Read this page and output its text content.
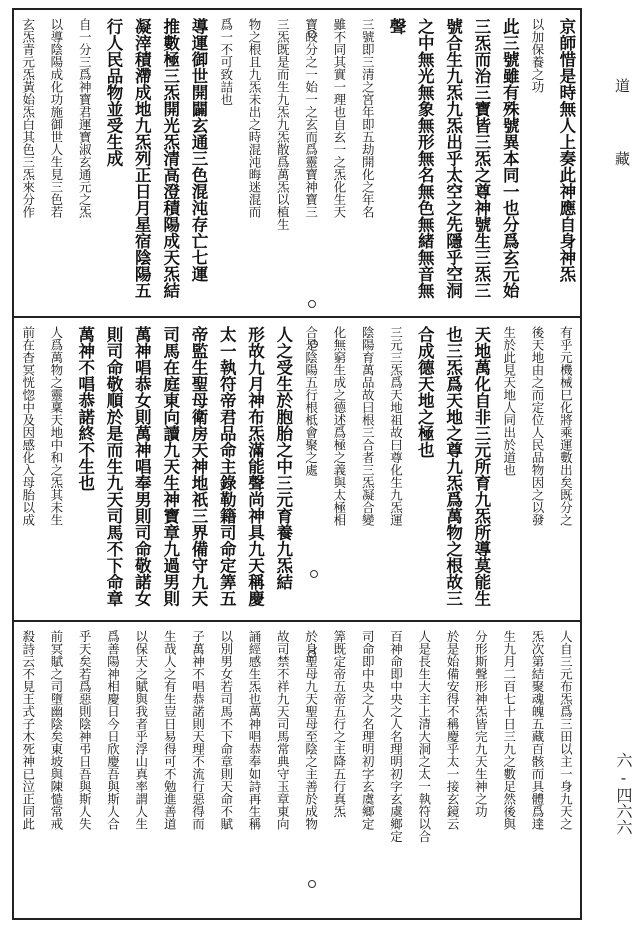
京師惜是時無人上奏此神應自身神炁
以加保養之功
此三號雖有殊號異本同一也分爲玄元始
三炁而治三寶皆三炁之尊神號生三炁三
號合生九炁九炁出乎太空之先隱乎空洞
之中無光無象無形無名無色無緒無音無
聲
三號即三清之宮年即五劫開化之年名
雖不同其實一理也自玄一之炁化生天
寶皎分之一始一之玄而爲靈寶神寶三
三炁既是而生九炁九炁散爲萬炁以植生
物之根且九炁未出之時混沌晦迷混而
爲一不可致詰也
導運御世開闢玄通三色混沌存亡七運
推數極三炁開光炁清高澄積陽成天炁結
凝滓積滯成地九炁列正日月星宿陰陽五
行人民品物並受生成
自一分三爲神寶君運寶淑玄通元之炁
以導陰陽成化功施御世人生見三色若
玄炁青元炁黃始炁白其色三炁來分作
有乎元機械巳化將乘運數出矣既分之
後天地由之而定位人民品物因之以發
生於此見天地人同出於道也
天地萬化自非三元所育九炁所導莫能生
也三炁爲天地之尊九炁爲萬物之根故三
合成德天地之極也
三元三炁爲天地祖故曰尊化生九炁運
陰陽育萬品故曰根三合者三炁凝合變
化無窮生成之德述爲極之義與太極相
合是陰陽五行根柢會聚之處
人之受生於胞胎之中三元育養九炁結
形故九月神布炁滿能聲尚神具九天稱慶
太一執符帝君品命主錄勒籍司命定筭五
帝監生聖母衛房天神地祇三界備守九天
司馬在庭東向讀九天生神寶章九過男則
萬神唱恭女則萬神唱奉男則司命敬諾女
則司命敬順於是而生九天司馬不下命章
萬神不唱恭諾終不生也
人爲萬物之靈稟天地中和之炁其未生
前在杳冥恍惚中及因感化入母胎以成
人自三元布炁爲三田以主一身九天之
炁次第結聚魂魄五藏百骸而具體爲達
生九月二百七十日三九之數足然後與
分形斯聲形神炁皆完九天生神之功
於是始備安得不稱慶乎太一接玄鏡云
人是長生大主上清大洞之太一執符以合
百神命即中央之人名理明初字玄虞鄉定
司命即中央之人名理明初字玄虞鄉定
筭既定帝五帝五行之主降五行真炁
於身聖母九天聖母至陰之主善於成物
故司禁不祥九天司馬常典守玉章東向
誦經感生炁也萬神唱恭奉如詩再生稱
以別男女若司馬不下命章則天命不賦
子萬神不唱恭諾則天理不流行惡得而
生哉人之有生豈日易得可不勉進善道
以保天之賦與我者乎浮山真率謂人生
爲善陽神相慶日今日欣慶吾與斯人合
乎天矣若爲惡則陰神弔日吾與斯人失
前冥賦之司墮幽陰矣東坡與陳慥常戒
殺詩云不見王式子木死神已泣正同此
道 藏
六-四六六
